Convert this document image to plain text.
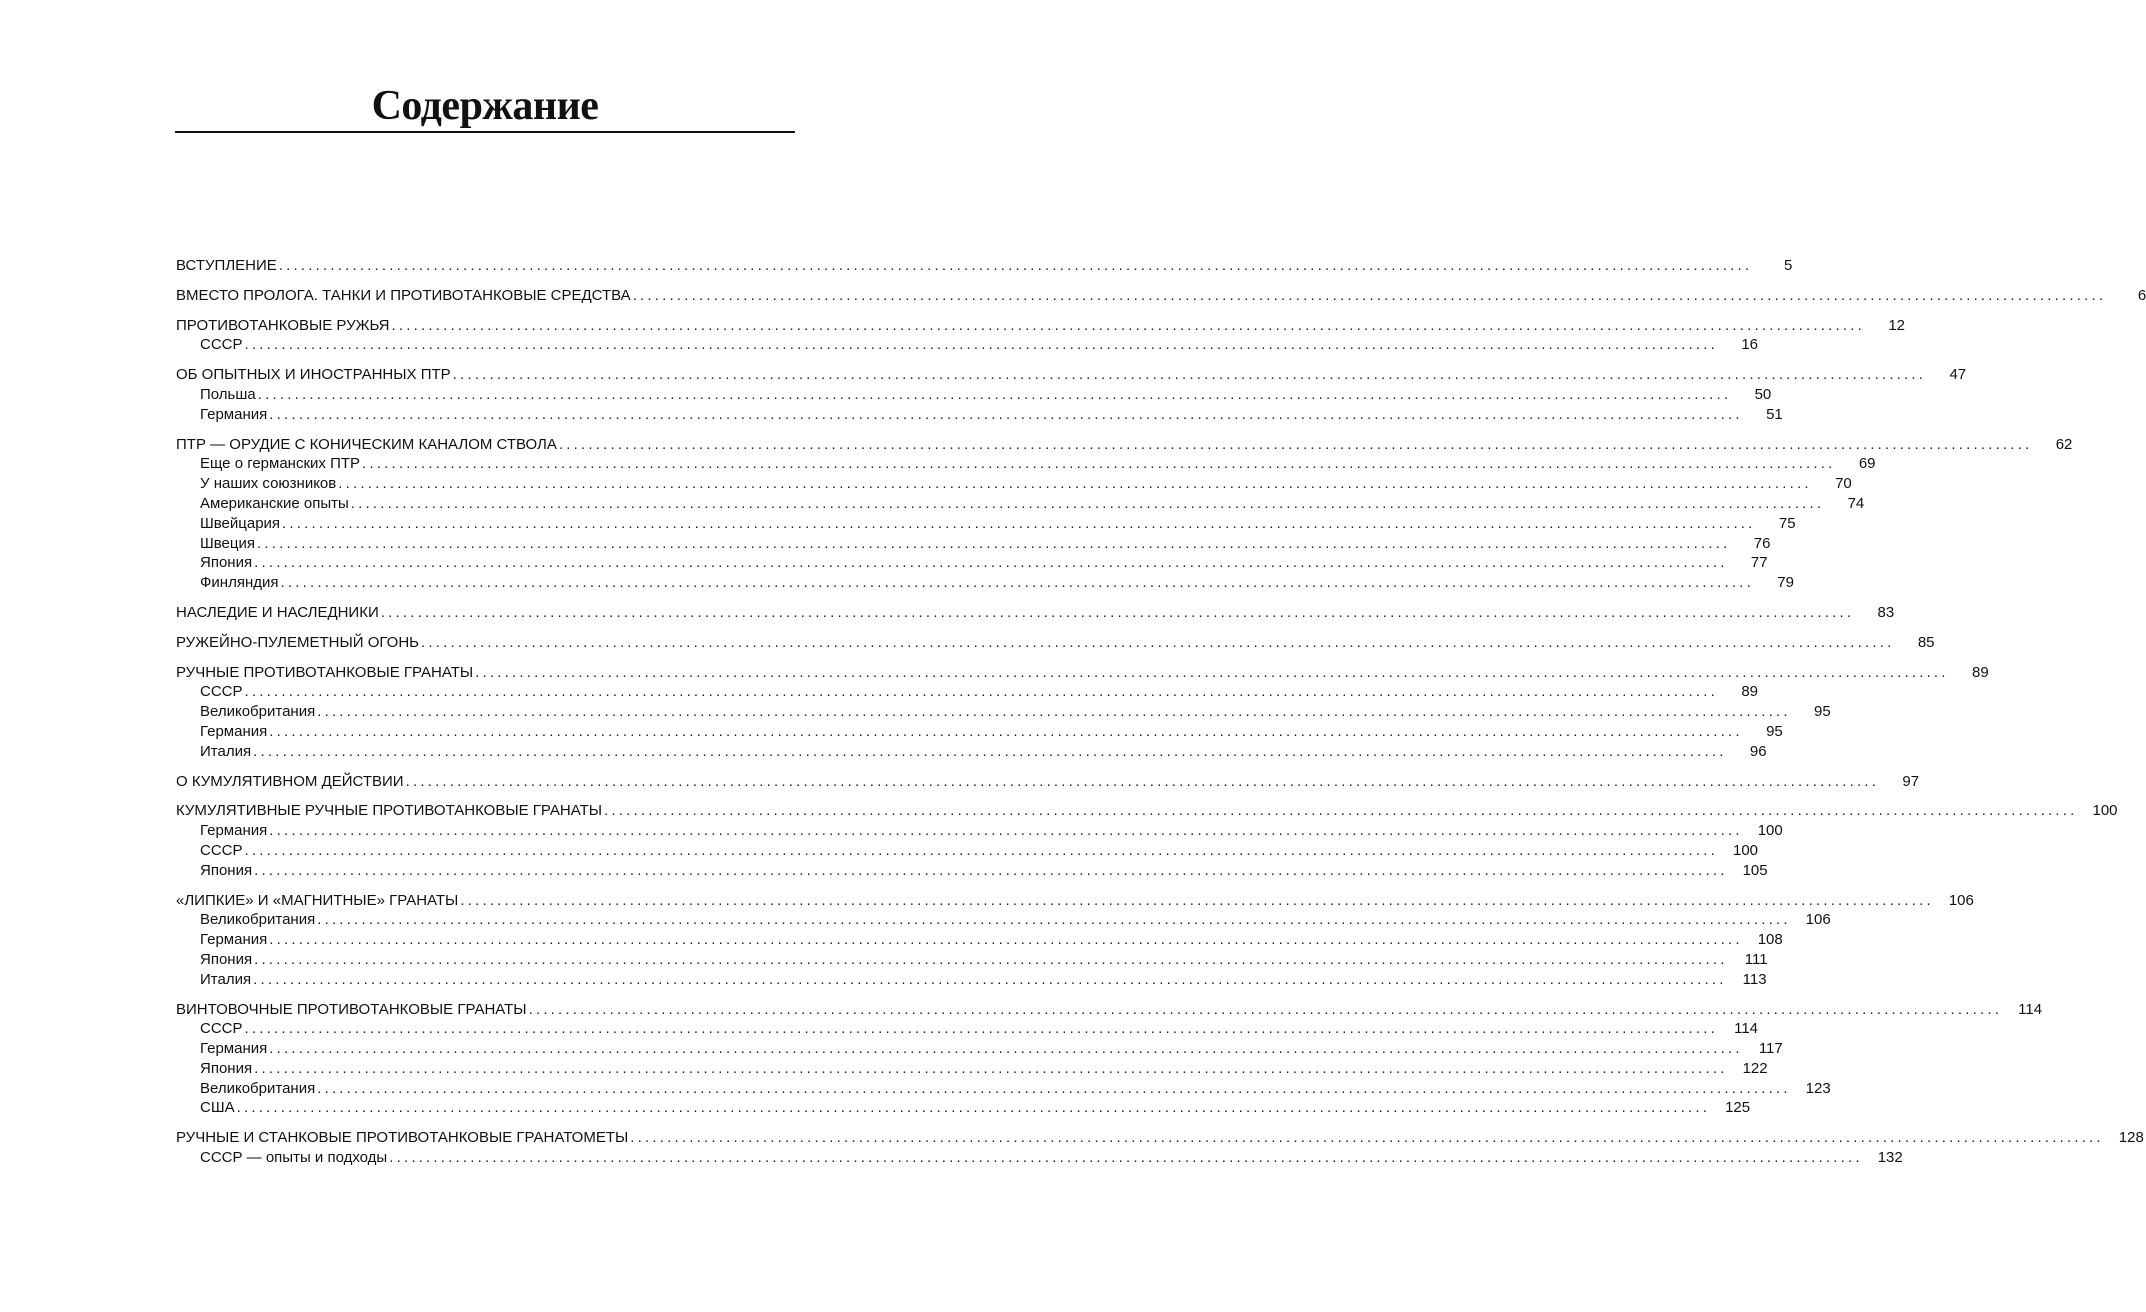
Содержание
ВСТУПЛЕНИЕ ........................................................................................................................................................................................................	5
ВМЕСТО ПРОЛОГА. ТАНКИ И ПРОТИВОТАНКОВЫЕ СРЕДСТВА ........................................................................................................................................................................................................	6
ПРОТИВОТАНКОВЫЕ РУЖЬЯ ........................................................................................................................................................................................................	12
СССР ........................................................................................................................................................................................................	16
ОБ ОПЫТНЫХ И ИНОСТРАННЫХ ПТР ........................................................................................................................................................................................................	47
Польша ........................................................................................................................................................................................................	50
Германия ........................................................................................................................................................................................................	51
ПТР — ОРУДИЕ С КОНИЧЕСКИМ КАНАЛОМ СТВОЛА ........................................................................................................................................................................................................	62
Еще о германских ПТР ........................................................................................................................................................................................................	69
У наших союзников ........................................................................................................................................................................................................	70
Американские опыты ........................................................................................................................................................................................................	74
Швейцария ........................................................................................................................................................................................................	75
Швеция ........................................................................................................................................................................................................	76
Япония ........................................................................................................................................................................................................	77
Финляндия ........................................................................................................................................................................................................	79
НАСЛЕДИЕ И НАСЛЕДНИКИ ........................................................................................................................................................................................................	83
РУЖЕЙНО-ПУЛЕМЕТНЫЙ ОГОНЬ ........................................................................................................................................................................................................	85
РУЧНЫЕ ПРОТИВОТАНКОВЫЕ ГРАНАТЫ ........................................................................................................................................................................................................	89
СССР ........................................................................................................................................................................................................	89
Великобритания ........................................................................................................................................................................................................	95
Германия ........................................................................................................................................................................................................	95
Италия ........................................................................................................................................................................................................	96
О КУМУЛЯТИВНОМ ДЕЙСТВИИ ........................................................................................................................................................................................................	97
КУМУЛЯТИВНЫЕ РУЧНЫЕ ПРОТИВОТАНКОВЫЕ ГРАНАТЫ ........................................................................................................................................................................................................ 100
Германия ........................................................................................................................................................................................................ 100
СССР ........................................................................................................................................................................................................ 100
Япония ........................................................................................................................................................................................................ 105
«ЛИПКИЕ» И «МАГНИТНЫЕ» ГРАНАТЫ ........................................................................................................................................................................................................ 106
Великобритания ........................................................................................................................................................................................................ 106
Германия ........................................................................................................................................................................................................ 108
Япония ........................................................................................................................................................................................................	111
Италия ........................................................................................................................................................................................................	113
ВИНТОВОЧНЫЕ ПРОТИВОТАНКОВЫЕ ГРАНАТЫ ........................................................................................................................................................................................................	114
СССР ........................................................................................................................................................................................................	114
Германия ........................................................................................................................................................................................................	117
Япония ........................................................................................................................................................................................................ 122
Великобритания ........................................................................................................................................................................................................ 123
США ........................................................................................................................................................................................................ 125
РУЧНЫЕ И СТАНКОВЫЕ ПРОТИВОТАНКОВЫЕ ГРАНАТОМЕТЫ ........................................................................................................................................................................................................ 128
СССР — опыты и подходы ........................................................................................................................................................................................................ 132
